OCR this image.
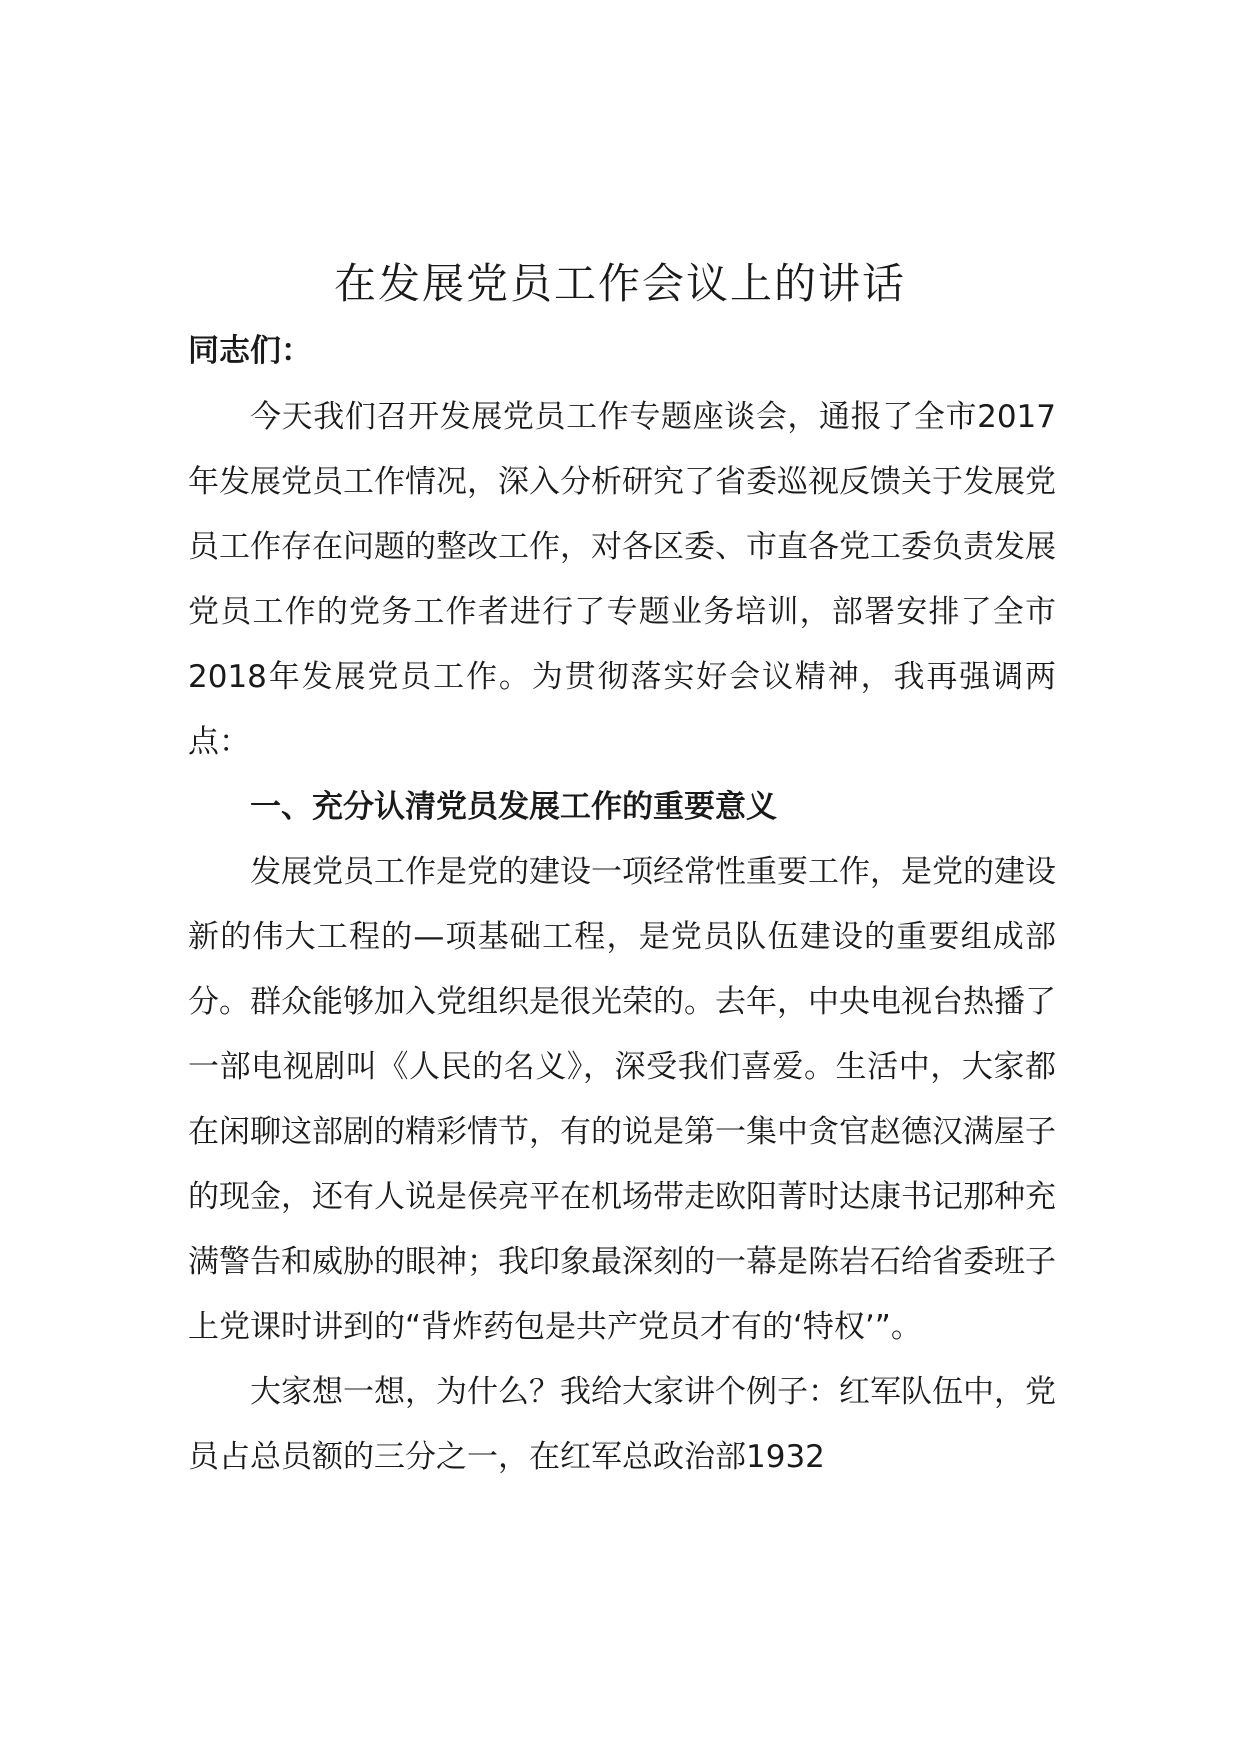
在发展党员工作会议上的讲话

同志们：

今天我们召开发展党员工作专题座谈会，通报了全市2017年发展党员工作情况，深入分析研究了省委巡视反馈关于发展党员工作存在问题的整改工作，对各区委、市直各党工委负责发展党员工作的党务工作者进行了专题业务培训，部署安排了全市2018年发展党员工作。为贯彻落实好会议精神，我再强调两点：

一、充分认清党员发展工作的重要意义

发展党员工作是党的建设一项经常性重要工作，是党的建设新的伟大工程的—项基础工程，是党员队伍建设的重要组成部分。群众能够加入党组织是很光荣的。去年，中央电视台热播了一部电视剧叫《人民的名义》，深受我们喜爱。生活中，大家都在闲聊这部剧的精彩情节，有的说是第一集中贪官赵德汉满屋子的现金，还有人说是侯亮平在机场带走欧阳菁时达康书记那种充满警告和威胁的眼神；我印象最深刻的一幕是陈岩石给省委班子上党课时讲到的“背炸药包是共产党员才有的‘特权’”。

大家想一想，为什么？我给大家讲个例子：红军队伍中，党员占总员额的三分之一，在红军总政治部1932
